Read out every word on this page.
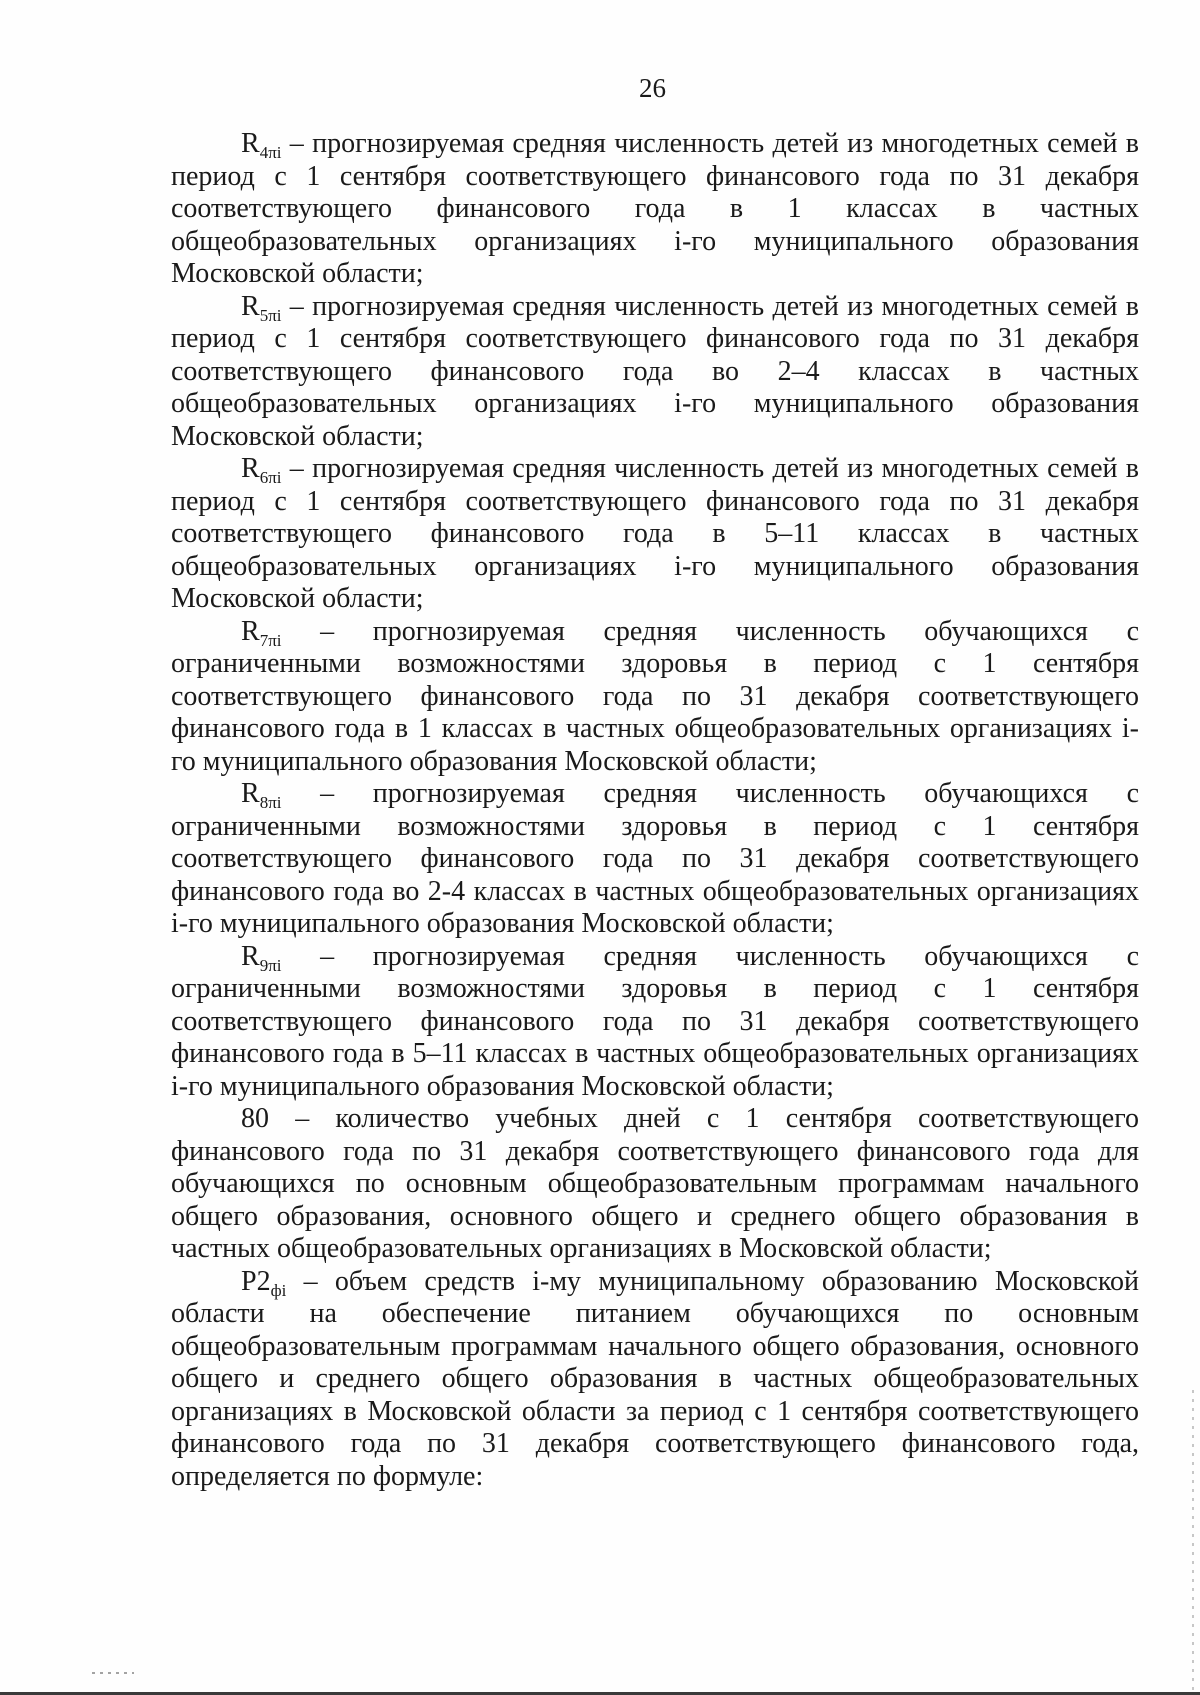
26

$R_{4\pi i}$ – прогнозируемая средняя численность детей из многодетных семей в период с 1 сентября соответствующего финансового года по 31 декабря соответствующего финансового года в 1 классах в частных общеобразовательных организациях i-го муниципального образования Московской области;

$R_{5\pi i}$ – прогнозируемая средняя численность детей из многодетных семей в период с 1 сентября соответствующего финансового года по 31 декабря соответствующего финансового года во 2–4 классах в частных общеобразовательных организациях i-го муниципального образования Московской области;

$R_{6\pi i}$ – прогнозируемая средняя численность детей из многодетных семей в период с 1 сентября соответствующего финансового года по 31 декабря соответствующего финансового года в 5–11 классах в частных общеобразовательных организациях i-го муниципального образования Московской области;

$R_{7\pi i}$ – прогнозируемая средняя численность обучающихся с ограниченными возможностями здоровья в период с 1 сентября соответствующего финансового года по 31 декабря соответствующего финансового года в 1 классах в частных общеобразовательных организациях i-го муниципального образования Московской области;

$R_{8\pi i}$ – прогнозируемая средняя численность обучающихся с ограниченными возможностями здоровья в период с 1 сентября соответствующего финансового года по 31 декабря соответствующего финансового года во 2-4 классах в частных общеобразовательных организациях i-го муниципального образования Московской области;

$R_{9\pi i}$ – прогнозируемая средняя численность обучающихся с ограниченными возможностями здоровья в период с 1 сентября соответствующего финансового года по 31 декабря соответствующего финансового года в 5–11 классах в частных общеобразовательных организациях i-го муниципального образования Московской области;

80 – количество учебных дней с 1 сентября соответствующего финансового года по 31 декабря соответствующего финансового года для обучающихся по основным общеобразовательным программам начального общего образования, основного общего и среднего общего образования в частных общеобразовательных организациях в Московской области;

$P2_{фi}$ – объем средств i-му муниципальному образованию Московской области на обеспечение питанием обучающихся по основным общеобразовательным программам начального общего образования, основного общего и среднего общего образования в частных общеобразовательных организациях в Московской области за период с 1 сентября соответствующего финансового года по 31 декабря соответствующего финансового года, определяется по формуле:
